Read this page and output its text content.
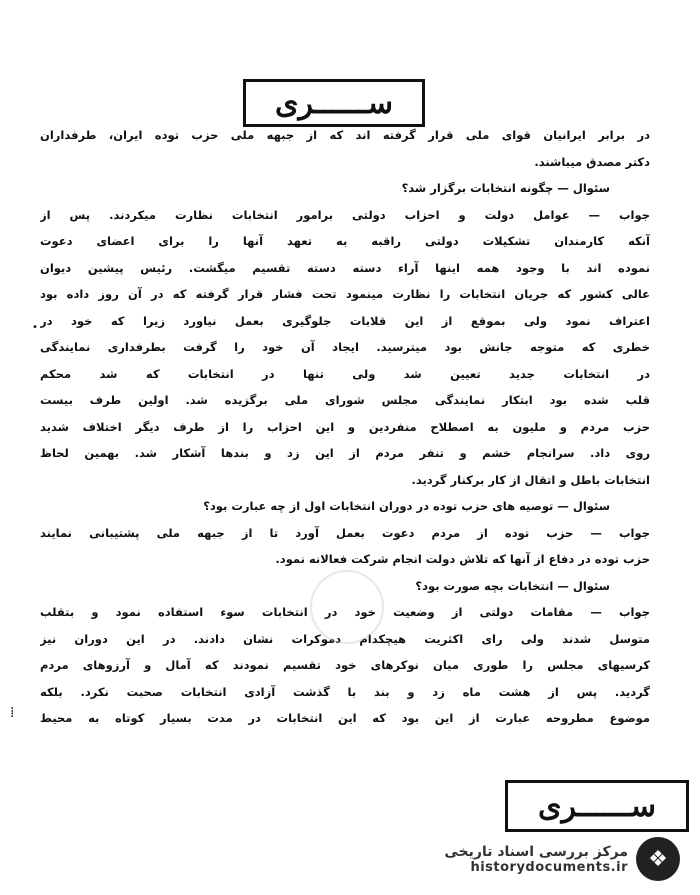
ســــــری
در برابر ایرانیان قوای ملی قرار گرفته اند که از جبهه ملی حزب توده ایران، طرفداران
دکتر مصدق میباشند.
سئوال — چگونه انتخابات برگزار شد؟
جواب — عوامل دولت و احزاب دولتی برامور انتخابات نظارت میکردند. پس از
آنکه کارمندان تشکیلات دولتی راقبه به تعهد آنها را برای اعضای دعوت
نموده اند با وجود همه اینها آراء دسته دسته تقسیم میگشت. رئیس پیشین دیوان
عالی کشور که جریان انتخابات را نظارت مینمود تحت فشار قرار گرفته که در آن روز داده بود
اعتراف نمود ولی بموقع از این قلابات جلوگیری بعمل نیاورد زیرا که خود در
خطری که متوجه جانش بود میترسید. ایجاد آن خود را گرفت بطرفداری نمایندگی
در انتخابات جدید تعیین شد ولی تنها در انتخابات که شد محکم
قلب شده بود ابتکار نمایندگی مجلس شورای ملی برگزیده شد. اولین طرف بیست
حزب مردم و ملیون به اصطلاح منفردین و این احزاب را از طرف دیگر اختلاف شدید
روی داد. سرانجام خشم و تنفر مردم از این زد و بندها آشکار شد. بهمین لحاظ
انتخابات باطل و اتقال از کار برکنار گردید.
سئوال — توصیه های حزب توده در دوران انتخابات اول از چه عبارت بود؟
جواب — حزب توده از مردم دعوت بعمل آورد تا از جبهه ملی پشتیبانی نمایند
حزب توده در دفاع از آنها که تلاش دولت انجام شرکت فعالانه نمود.
سئوال — انتخابات بچه صورت بود؟
جواب — مقامات دولتی از وضعیت خود در انتخابات سوء استفاده نمود و بتقلب
متوسل شدند ولی رای اکثریت هیچکدام دموکرات نشان دادند. در این دوران نیز
کرسیهای مجلس را طوری میان نوکرهای خود تقسیم نمودند که آمال و آرزوهای مردم
گردید. پس از هشت ماه زد و بند با گذشت آزادی انتخابات صحبت نکرد. بلکه
موضوع مطروحه عبارت از این بود که این انتخابات در مدت بسیار کوتاه به محیط
•
⁞
ســــــری
❖
مرکز بررسی اسناد تاریخی
historydocuments.ir
